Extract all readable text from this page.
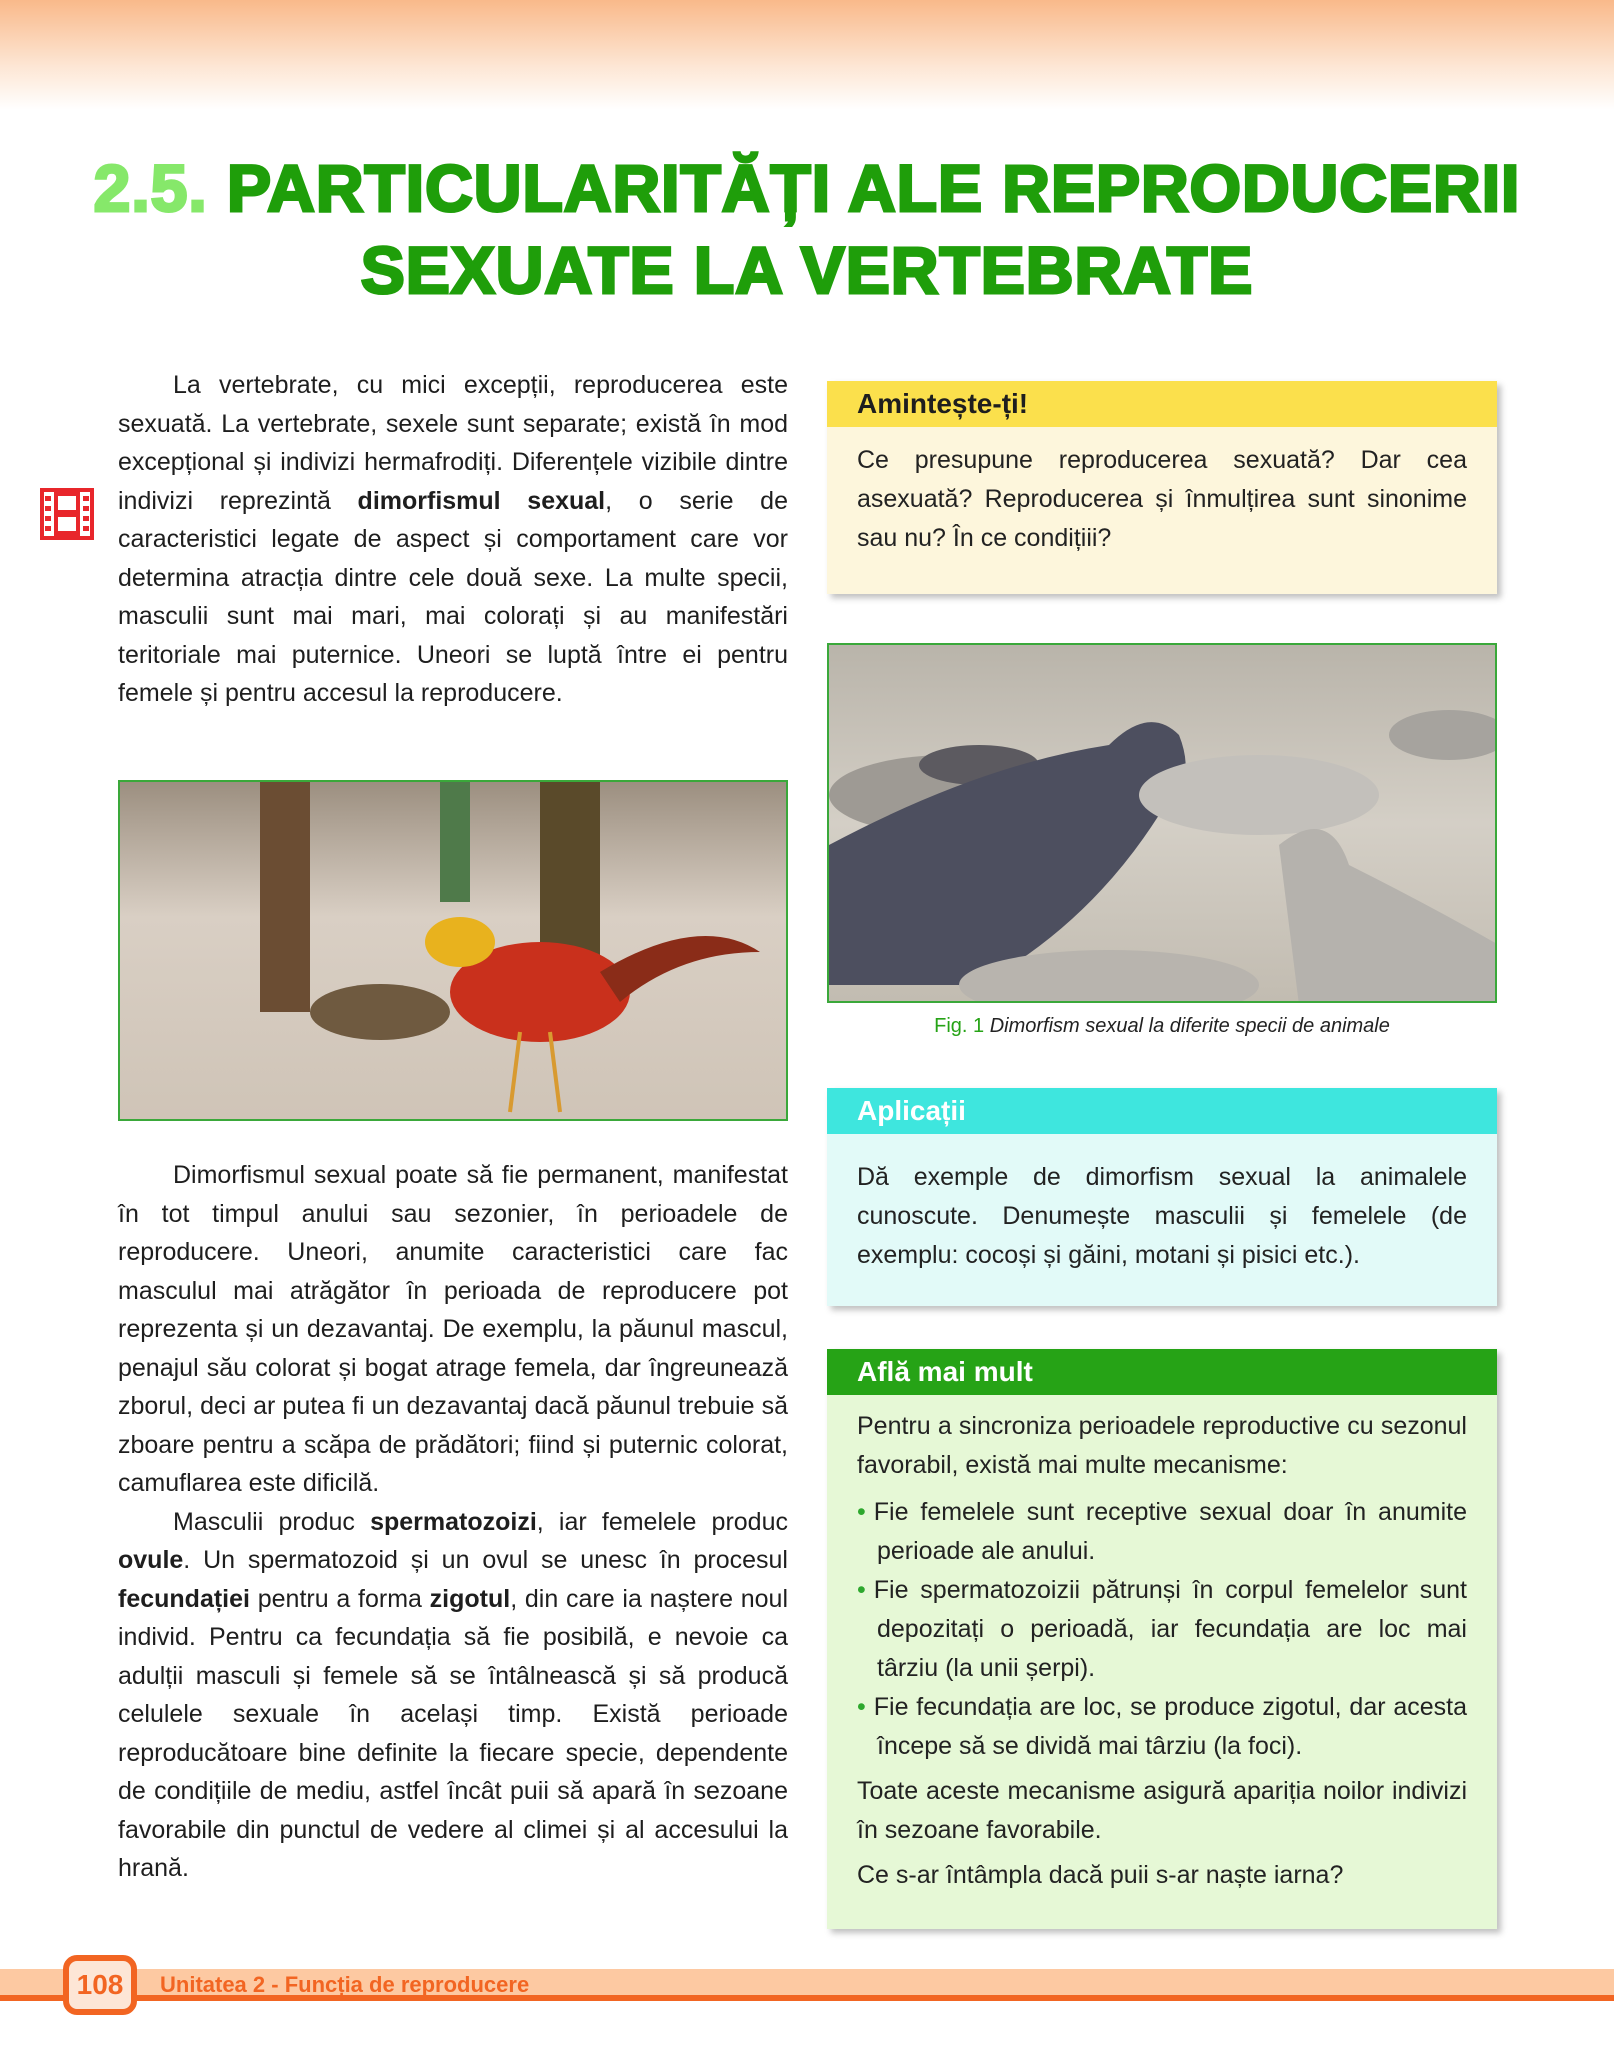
2.5. PARTICULARITĂȚI ALE REPRODUCERII
SEXUATE LA VERTEBRATE

La vertebrate, cu mici excepții, reproducerea este sexuată. La vertebrate, sexele sunt separate; există în mod excepțional și indivizi hermafrodiți. Diferențele vizibile dintre indivizi reprezintă dimorfismul sexual, o serie de caracteristici legate de aspect și comportament care vor determina atracția dintre cele două sexe. La multe specii, masculii sunt mai mari, mai colorați și au manifestări teritoriale mai puternice. Uneori se luptă între ei pentru femele și pentru accesul la reproducere.

Dimorfismul sexual poate să fie permanent, manifestat în tot timpul anului sau sezonier, în perioadele de reproducere. Uneori, anumite caracteristici care fac masculul mai atrăgător în perioada de reproducere pot reprezenta și un dezavantaj. De exemplu, la păunul mascul, penajul său colorat și bogat atrage femela, dar îngreunează zborul, deci ar putea fi un dezavantaj dacă păunul trebuie să zboare pentru a scăpa de prădători; fiind și puternic colorat, camuflarea este dificilă.

Masculii produc spermatozoizi, iar femelele produc ovule. Un spermatozoid și un ovul se unesc în procesul fecundației pentru a forma zigotul, din care ia naștere noul individ. Pentru ca fecundația să fie posibilă, e nevoie ca adulții masculi și femele să se întâlnească și să producă celulele sexuale în același timp. Există perioade reproducătoare bine definite la fiecare specie, dependente de condițiile de mediu, astfel încât puii să apară în sezoane favorabile din punctul de vedere al climei și al accesului la hrană.

Amintește-ți!
Ce presupune reproducerea sexuată? Dar cea asexuată? Reproducerea și înmulțirea sunt sinonime sau nu? În ce condițiii?
Fig. 1 Dimorfism sexual la diferite specii de animale
Aplicații
Dă exemple de dimorfism sexual la animalele cunoscute. Denumește masculii și femelele (de exemplu: cocoși și găini, motani și pisici etc.).
Află mai mult
Pentru a sincroniza perioadele reproductive cu sezonul favorabil, există mai multe mecanisme:
• Fie femelele sunt receptive sexual doar în anumite perioade ale anului.
• Fie spermatozoizii pătrunși în corpul femelelor sunt depozitați o perioadă, iar fecundația are loc mai târziu (la unii șerpi).
• Fie fecundația are loc, se produce zigotul, dar acesta începe să se dividă mai târziu (la foci).
Toate aceste mecanisme asigură apariția noilor indivizi în sezoane favorabile.
Ce s-ar întâmpla dacă puii s-ar naște iarna?
108	Unitatea 2 - Funcția de reproducere
